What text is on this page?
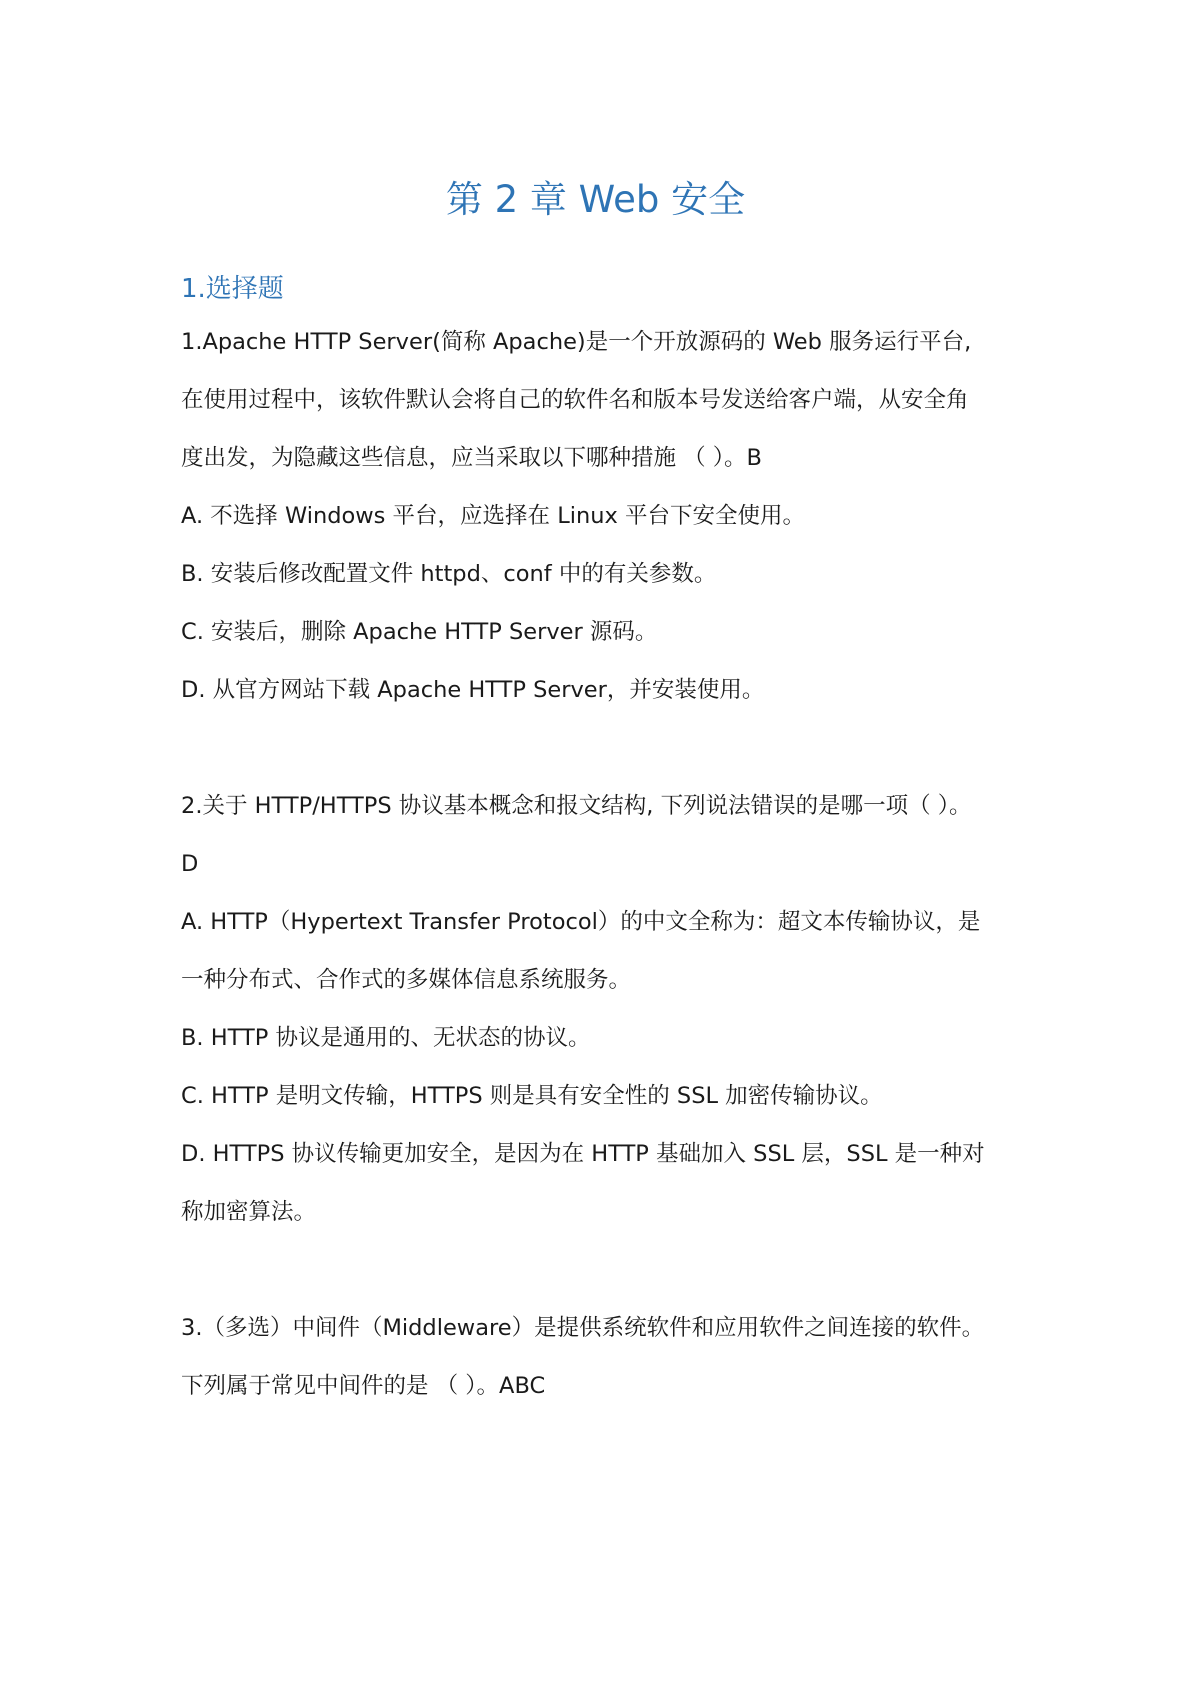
第 2 章 Web 安全
1.选择题

1.Apache HTTP Server(简称 Apache)是一个开放源码的 Web 服务运行平台,

在使用过程中，该软件默认会将自己的软件名和版本号发送给客户端，从安全角

度出发，为隐藏这些信息，应当采取以下哪种措施 （ ）。B

A. 不选择 Windows 平台，应选择在 Linux 平台下安全使用。

B. 安装后修改配置文件 httpd、conf 中的有关参数。

C. 安装后，删除 Apache HTTP Server 源码。

D. 从官方网站下载 Apache HTTP Server，并安装使用。

2.关于 HTTP/HTTPS 协议基本概念和报文结构, 下列说法错误的是哪一项（ ）。

D

A. HTTP（Hypertext Transfer Protocol）的中文全称为：超文本传输协议，是

一种分布式、合作式的多媒体信息系统服务。

B. HTTP 协议是通用的、无状态的协议。

C. HTTP 是明文传输，HTTPS 则是具有安全性的 SSL 加密传输协议。

D. HTTPS 协议传输更加安全，是因为在 HTTP 基础加入 SSL 层，SSL 是一种对

称加密算法。

3.（多选）中间件（Middleware）是提供系统软件和应用软件之间连接的软件。

下列属于常见中间件的是 （ ）。ABC
